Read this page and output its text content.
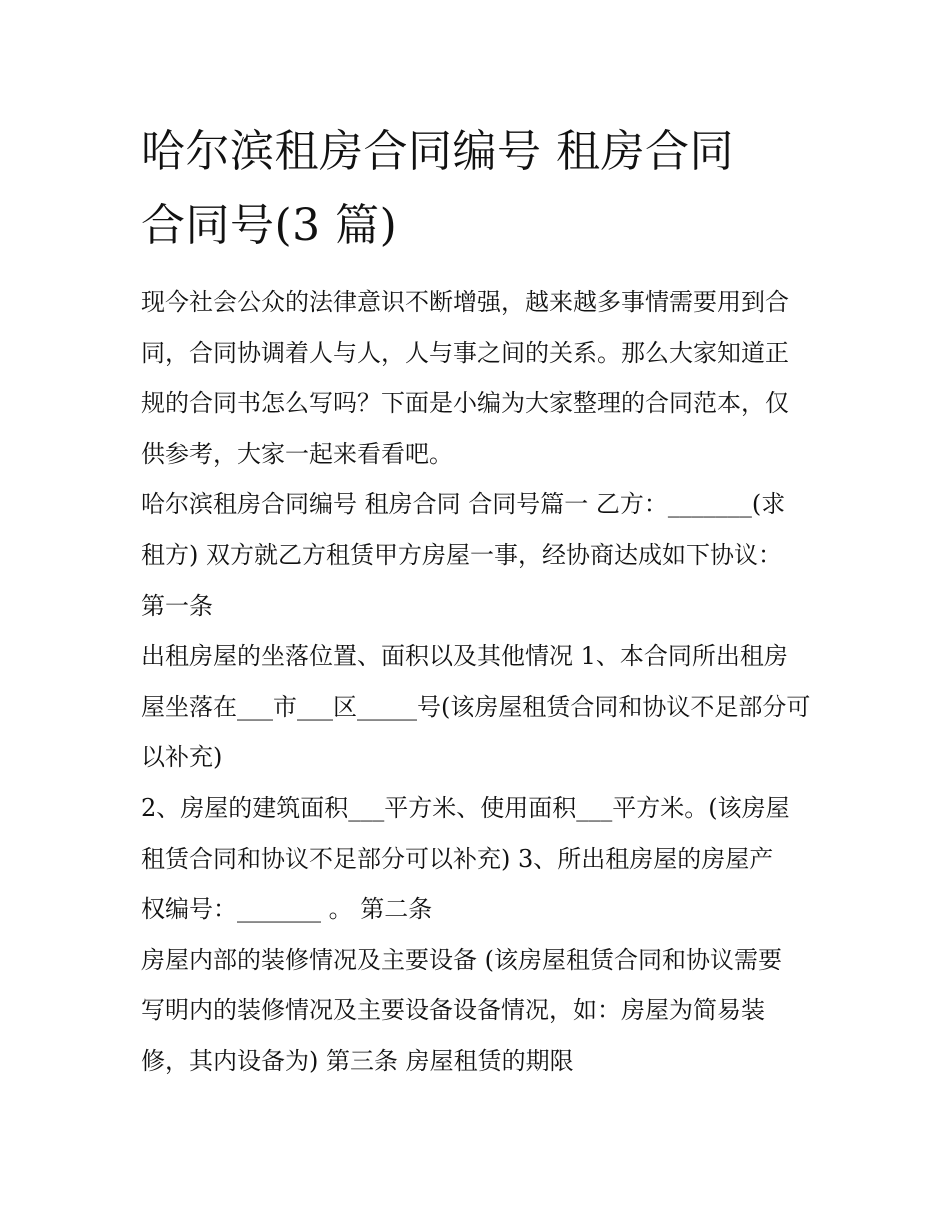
哈尔滨租房合同编号 租房合同
合同号(3 篇)
现今社会公众的法律意识不断增强，越来越多事情需要用到合
同，合同协调着人与人，人与事之间的关系。那么大家知道正
规的合同书怎么写吗？下面是小编为大家整理的合同范本，仅
供参考，大家一起来看看吧。
哈尔滨租房合同编号 租房合同 合同号篇一 乙方：_______(求
租方) 双方就乙方租赁甲方房屋一事，经协商达成如下协议：
第一条
出租房屋的坐落位置、面积以及其他情况 1、本合同所出租房
屋坐落在___市___区_____号(该房屋租赁合同和协议不足部分可
以补充)
2、房屋的建筑面积___平方米、使用面积___平方米。(该房屋
租赁合同和协议不足部分可以补充) 3、所出租房屋的房屋产
权编号：_______ 。 第二条
房屋内部的装修情况及主要设备 (该房屋租赁合同和协议需要
写明内的装修情况及主要设备设备情况，如：房屋为简易装
修，其内设备为) 第三条 房屋租赁的期限
